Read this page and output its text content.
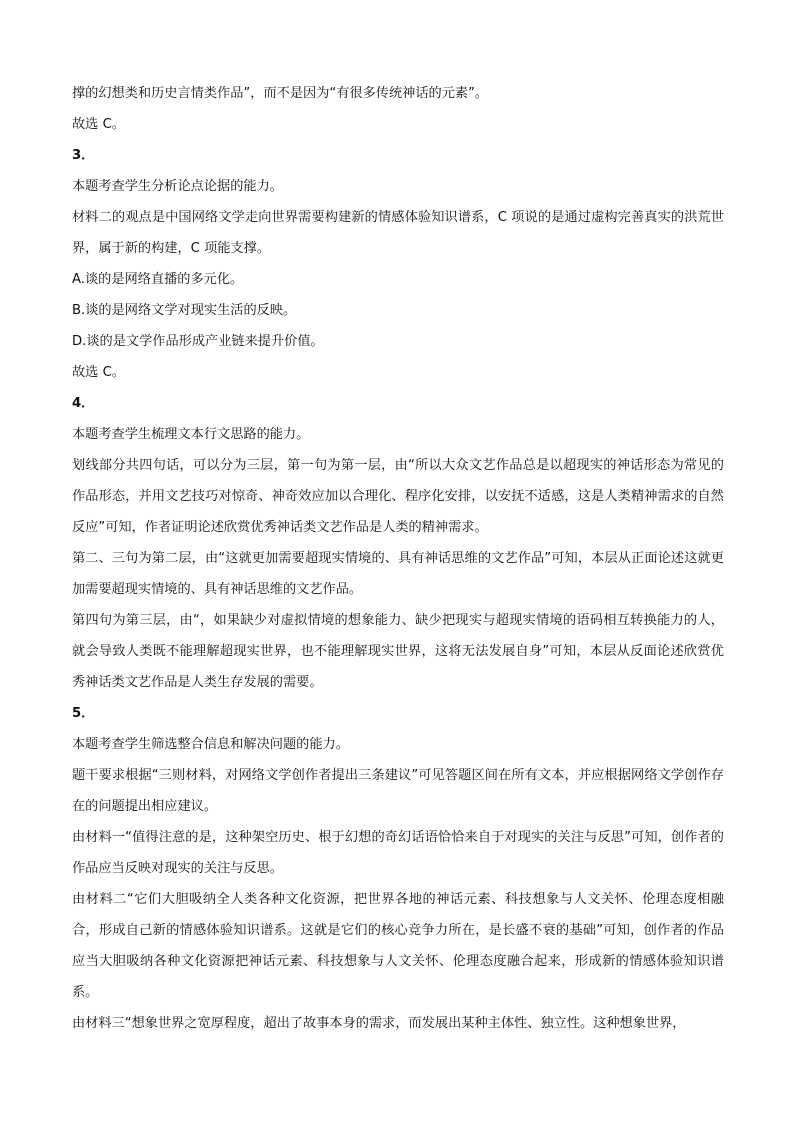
撑的幻想类和历史言情类作品”，而不是因为“有很多传统神话的元素”。

故选 C。

3．

本题考查学生分析论点论据的能力。

材料二的观点是中国网络文学走向世界需要构建新的情感体验知识谱系，C 项说的是通过虚构完善真实的洪荒世界，属于新的构建，C 项能支撑。

A.谈的是网络直播的多元化。

B.谈的是网络文学对现实生活的反映。

D.谈的是文学作品形成产业链来提升价值。

故选 C。

4．

本题考查学生梳理文本行文思路的能力。

划线部分共四句话，可以分为三层，第一句为第一层，由“所以大众文艺作品总是以超现实的神话形态为常见的作品形态，并用文艺技巧对惊奇、神奇效应加以合理化、程序化安排，以安抚不适感，这是人类精神需求的自然反应”可知，作者证明论述欣赏优秀神话类文艺作品是人类的精神需求。

第二、三句为第二层，由“这就更加需要超现实情境的、具有神话思维的文艺作品”可知，本层从正面论述这就更加需要超现实情境的、具有神话思维的文艺作品。

第四句为第三层，由“，如果缺少对虚拟情境的想象能力、缺少把现实与超现实情境的语码相互转换能力的人，就会导致人类既不能理解超现实世界，也不能理解现实世界，这将无法发展自身”可知，本层从反面论述欣赏优秀神话类文艺作品是人类生存发展的需要。

5．

本题考查学生筛选整合信息和解决问题的能力。

题干要求根据“三则材料，对网络文学创作者提出三条建议”可见答题区间在所有文本，并应根据网络文学创作存在的问题提出相应建议。

由材料一“值得注意的是，这种架空历史、根于幻想的奇幻话语恰恰来自于对现实的关注与反思”可知，创作者的作品应当反映对现实的关注与反思。

由材料二“它们大胆吸纳全人类各种文化资源，把世界各地的神话元素、科技想象与人文关怀、伦理态度相融合，形成自己新的情感体验知识谱系。这就是它们的核心竞争力所在，是长盛不衰的基础”可知，创作者的作品应当大胆吸纳各种文化资源把神话元素、科技想象与人文关怀、伦理态度融合起来，形成新的情感体验知识谱系。

由材料三“想象世界之宽厚程度，超出了故事本身的需求，而发展出某种主体性、独立性。这种想象世界，
